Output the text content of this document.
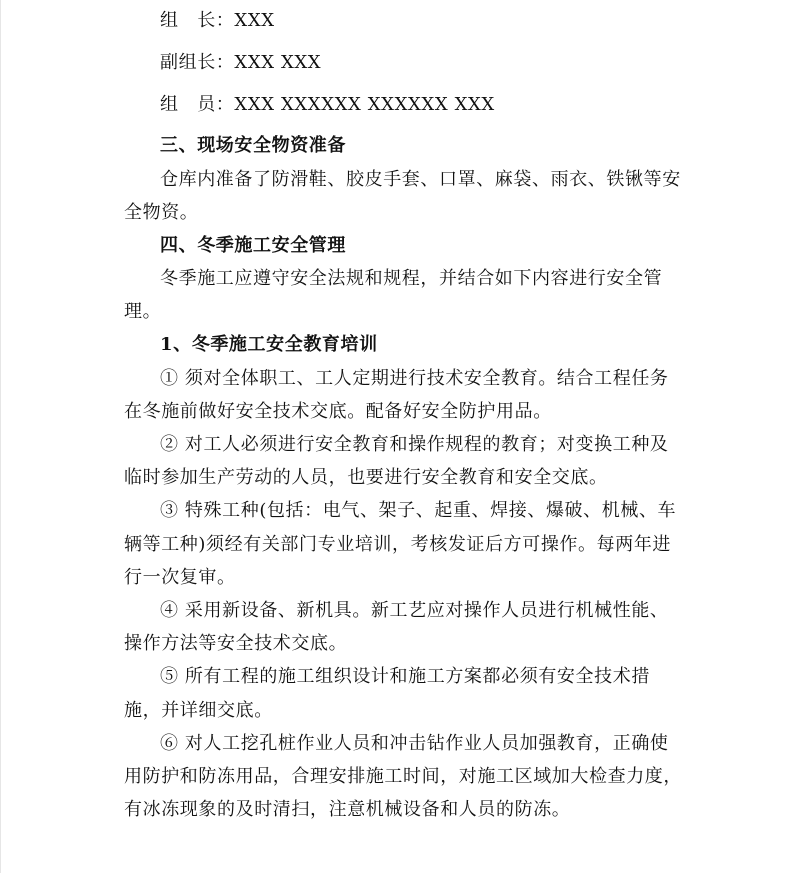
组　长：XXX
副组长：XXX XXX
组　员：XXX XXXXXX XXXXXX XXX
三、现场安全物资准备
仓库内准备了防滑鞋、胶皮手套、口罩、麻袋、雨衣、铁锹等安
全物资。
四、冬季施工安全管理
冬季施工应遵守安全法规和规程，并结合如下内容进行安全管
理。
1、冬季施工安全教育培训
① 须对全体职工、工人定期进行技术安全教育。结合工程任务
在冬施前做好安全技术交底。配备好安全防护用品。
② 对工人必须进行安全教育和操作规程的教育；对变换工种及
临时参加生产劳动的人员，也要进行安全教育和安全交底。
③ 特殊工种(包括：电气、架子、起重、焊接、爆破、机械、车
辆等工种)须经有关部门专业培训，考核发证后方可操作。每两年进
行一次复审。
④ 采用新设备、新机具。新工艺应对操作人员进行机械性能、
操作方法等安全技术交底。
⑤ 所有工程的施工组织设计和施工方案都必须有安全技术措
施，并详细交底。
⑥ 对人工挖孔桩作业人员和冲击钻作业人员加强教育，正确使
用防护和防冻用品，合理安排施工时间，对施工区域加大检查力度，
有冰冻现象的及时清扫，注意机械设备和人员的防冻。
